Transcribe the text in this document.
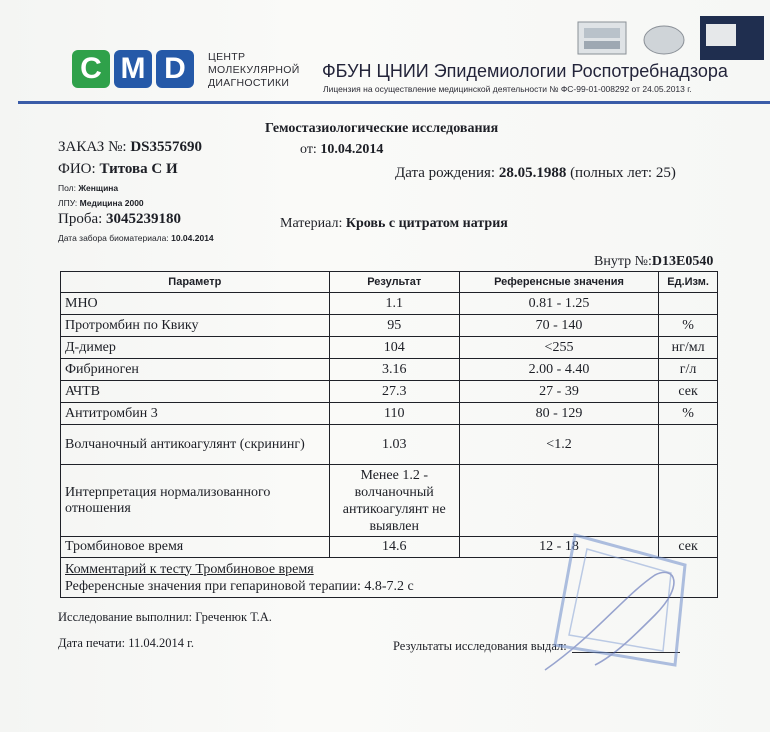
C M D	ЦЕНТР
МОЛЕКУЛЯРНОЙ
ДИАГНОСТИКИ
ФБУН ЦНИИ Эпидемиологии Роспотребнадзора
Лицензия на осуществление медицинской деятельности № ФС-99-01-008292 от 24.05.2013 г.
Гемостазиологические исследования
ЗАКАЗ №: DS3557690	от: 10.04.2014
ФИО: Титова С И	Дата рождения: 28.05.1988 (полных лет: 25)
Пол: Женщина
ЛПУ: Медицина 2000
Проба: 3045239180	Материал: Кровь с цитратом натрия
Дата забора биоматериала: 10.04.2014
Внутр №:D13E0540
Параметр	Результат	Референсные значения	Ед.Изм.
МНО	1.1	0.81 - 1.25	
Протромбин по Квику	95	70 - 140	%
Д-димер	104	<255	нг/мл
Фибриноген	3.16	2.00 - 4.40	г/л
АЧТВ	27.3	27 - 39	сек
Антитромбин 3	110	80 - 129	%
Волчаночный антикоагулянт (скрининг)	1.03	<1.2	
Интерпретация нормализованного отношения	Менее 1.2 - волчаночный антикоагулянт не выявлен		
Тромбиновое время	14.6	12 - 18	сек

Комментарий к тесту Тромбиновое время
Референсные значения при гепариновой терапии: 4.8-7.2 с			
Исследование выполнил: Греченюк Т.А.
Дата печати: 11.04.2014 г.	Результаты исследования выдал:
